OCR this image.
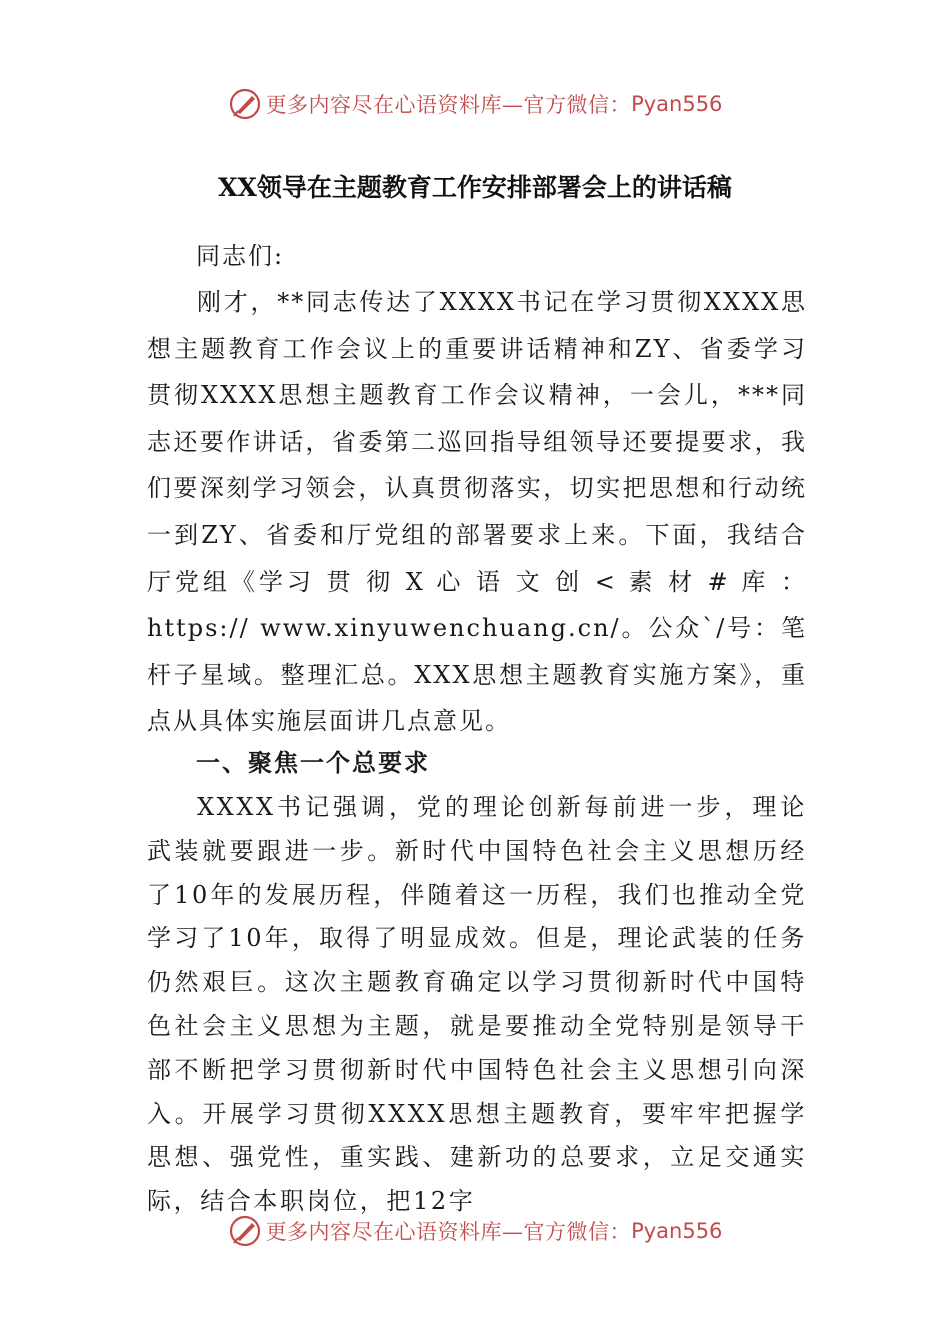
更多内容尽在心语资料库—官方微信： Pyan556
XX领导在主题教育工作安排部署会上的讲话稿

同志们:

刚才，**同志传达了XXXX书记在学习贯彻XXXX思想主题教育工作会议上的重要讲话精神和ZY、省委学习贯彻XXXX思想主题教育工作会议精神，一会儿，***同志还要作讲话，省委第二巡回指导组领导还要提要求，我们要深刻学习领会，认真贯彻落实，切实把思想和行动统一到ZY、省委和厅党组的部署要求上来。下面，我结合厅党组《学习 贯 彻 X 心 语 文 创 < 素 材 # 库 ： https:// www.xinyuwenchuang.cn/。公众`/号：笔杆子星域。整理汇总。XXX思想主题教育实施方案》，重点从具体实施层面讲几点意见。

一、聚焦一个总要求

XXXX书记强调，党的理论创新每前进一步，理论武装就要跟进一步。新时代中国特色社会主义思想历经了10年的发展历程，伴随着这一历程，我们也推动全党学习了10年，取得了明显成效。但是，理论武装的任务仍然艰巨。这次主题教育确定以学习贯彻新时代中国特色社会主义思想为主题，就是要推动全党特别是领导干部不断把学习贯彻新时代中国特色社会主义思想引向深入。开展学习贯彻XXXX思想主题教育，要牢牢把握学思想、强党性，重实践、建新功的总要求，立足交通实际，结合本职岗位，把12字

更多内容尽在心语资料库—官方微信： Pyan556
